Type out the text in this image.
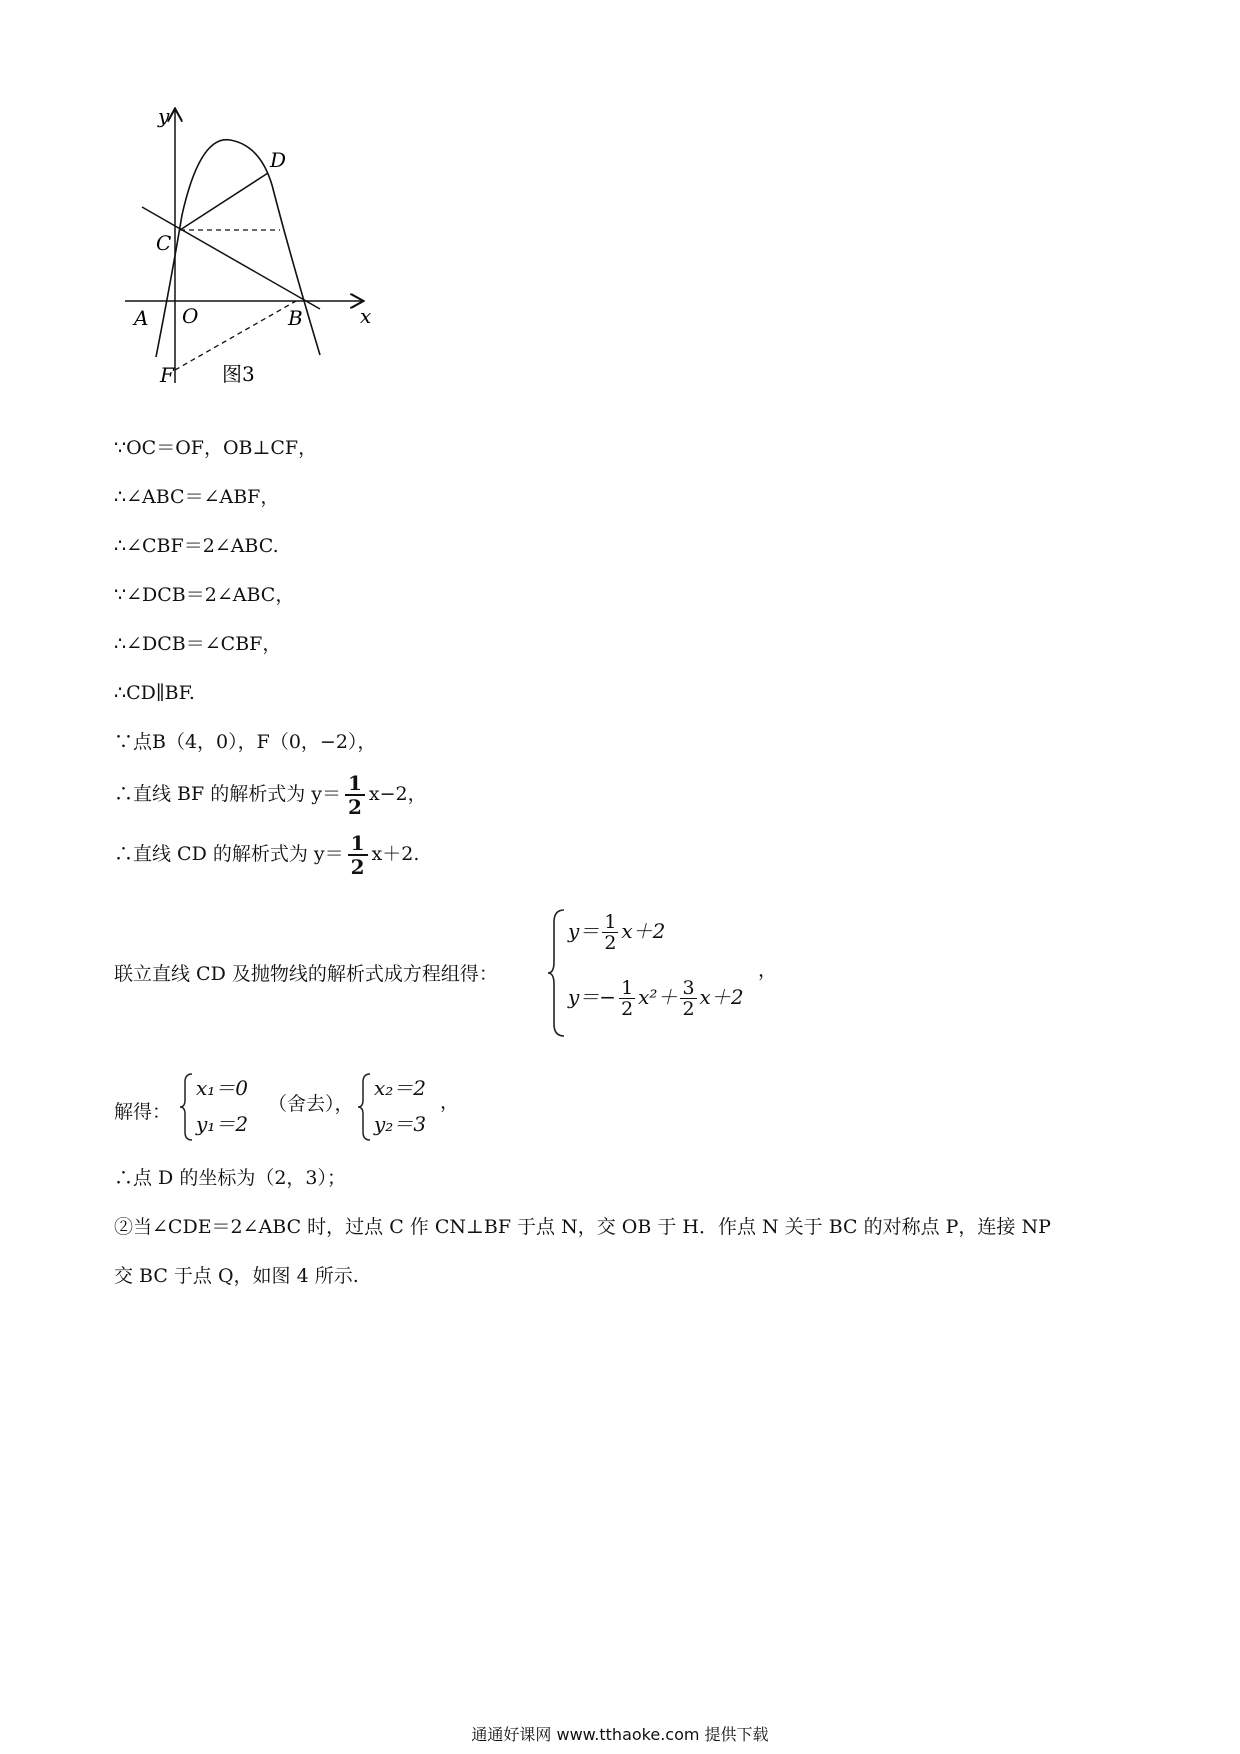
y
x
D
C
A O	B
F 图3
∵OC＝OF，OB⊥CF，
∴∠ABC＝∠ABF，
∴∠CBF＝2∠ABC.
∵∠DCB＝2∠ABC，
∴∠DCB＝∠CBF，
∴CD∥BF.
∵点B（4，0），F（0，−2），
∴直线 BF 的解析式为 $y= \frac{1}{2} x-2$，
∴直线 CD 的解析式为 $y= \frac{1}{2} x+2$.
联立直线 CD 及抛物线的解析式成方程组得：
$y= \frac{1}{2} x+2$
$y=- \frac{1}{2} x^2+ \frac{3}{2} x+2$
，
解得：
x₁＝0
y₁＝2
（舍去），
x₂＝2
y₂＝3
，
∴点 D 的坐标为（2，3）；
②当∠CDE＝2∠ABC 时，过点 C 作 CN⊥BF 于点 N，交 OB 于 H．作点 N 关于 BC 的对称点 P，连接 NP
交 BC 于点 Q，如图 4 所示.
通通好课网 www.tthaoke.com 提供下载
